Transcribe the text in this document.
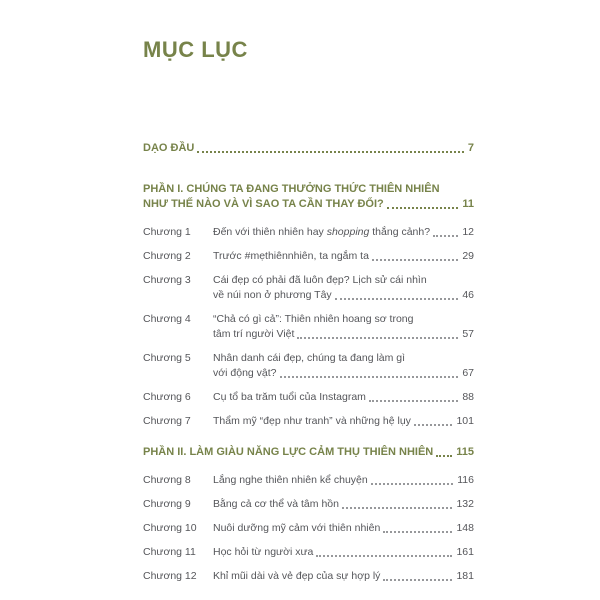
MỤC LỤC
DẠO ĐẦU	7
PHẦN I. CHÚNG TA ĐANG THƯỞNG THỨC THIÊN NHIÊN
NHƯ THẾ NÀO VÀ VÌ SAO TA CẦN THAY ĐỔI?	11
Chương 1	Đến với thiên nhiên hay shopping thắng cảnh?	12
Chương 2	Trước #mẹthiênnhiên, ta ngắm ta	29
Chương 3	Cái đẹp có phải đã luôn đẹp? Lịch sử cái nhìn
về núi non ở phương Tây	46
Chương 4	“Chả có gì cả”: Thiên nhiên hoang sơ trong
tâm trí người Việt	57
Chương 5	Nhân danh cái đẹp, chúng ta đang làm gì
với động vật?	67
Chương 6	Cụ tổ ba trăm tuổi của Instagram	88
Chương 7	Thẩm mỹ “đẹp như tranh” và những hệ lụy	101
PHẦN II. LÀM GIÀU NĂNG LỰC CẢM THỤ THIÊN NHIÊN 115
Chương 8	Lắng nghe thiên nhiên kể chuyện	116
Chương 9	Bằng cả cơ thể và tâm hồn	132
Chương 10	Nuôi dưỡng mỹ cảm với thiên nhiên	148
Chương 11	Học hỏi từ người xưa	161
Chương 12	Khỉ mũi dài và vẻ đẹp của sự hợp lý	181
